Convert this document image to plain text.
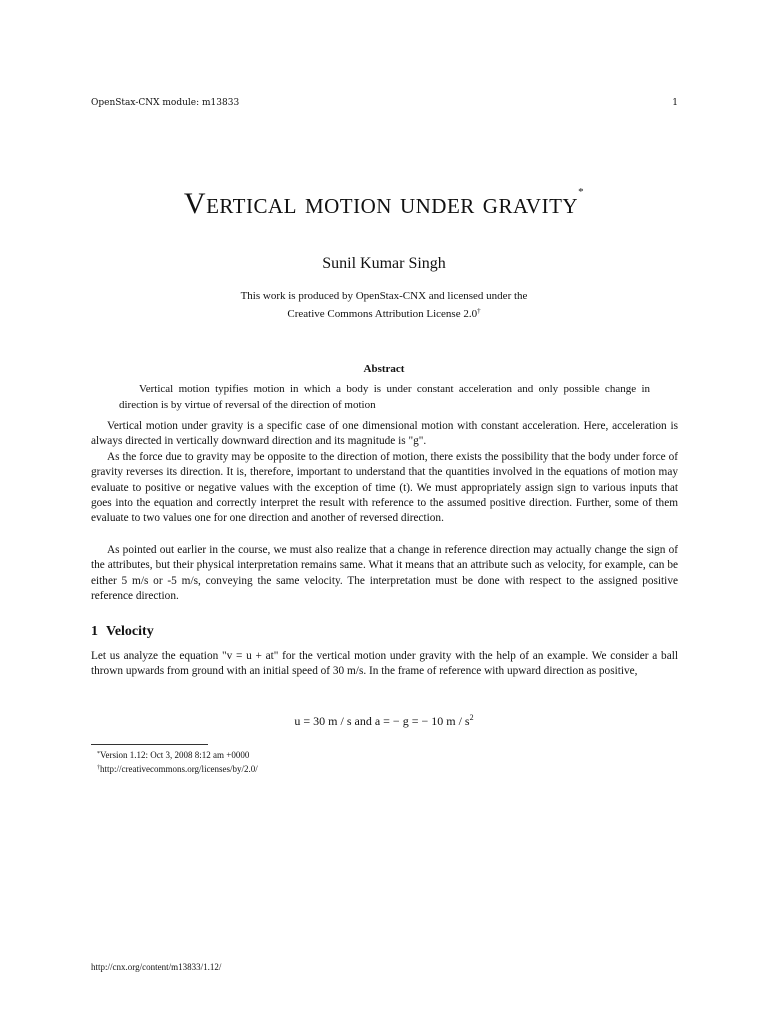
OpenStax-CNX module: m13833	1
Vertical motion under gravity*
Sunil Kumar Singh
This work is produced by OpenStax-CNX and licensed under the
Creative Commons Attribution License 2.0†
Abstract
Vertical motion typifies motion in which a body is under constant acceleration and only possible change in direction is by virtue of reversal of the direction of motion
Vertical motion under gravity is a specific case of one dimensional motion with constant acceleration. Here, acceleration is always directed in vertically downward direction and its magnitude is "g".
As the force due to gravity may be opposite to the direction of motion, there exists the possibility that the body under force of gravity reverses its direction. It is, therefore, important to understand that the quantities involved in the equations of motion may evaluate to positive or negative values with the exception of time (t). We must appropriately assign sign to various inputs that goes into the equation and correctly interpret the result with reference to the assumed positive direction. Further, some of them evaluate to two values one for one direction and another of reversed direction.
As pointed out earlier in the course, we must also realize that a change in reference direction may actually change the sign of the attributes, but their physical interpretation remains same. What it means that an attribute such as velocity, for example, can be either 5 m/s or -5 m/s, conveying the same velocity. The interpretation must be done with respect to the assigned positive reference direction.
1 Velocity
Let us analyze the equation "v = u + at" for the vertical motion under gravity with the help of an example. We consider a ball thrown upwards from ground with an initial speed of 30 m/s. In the frame of reference with upward direction as positive,
u = 30 m / s and a = − g = − 10 m / $s^2$
*Version 1.12: Oct 3, 2008 8:12 am +0000
†http://creativecommons.org/licenses/by/2.0/
http://cnx.org/content/m13833/1.12/
